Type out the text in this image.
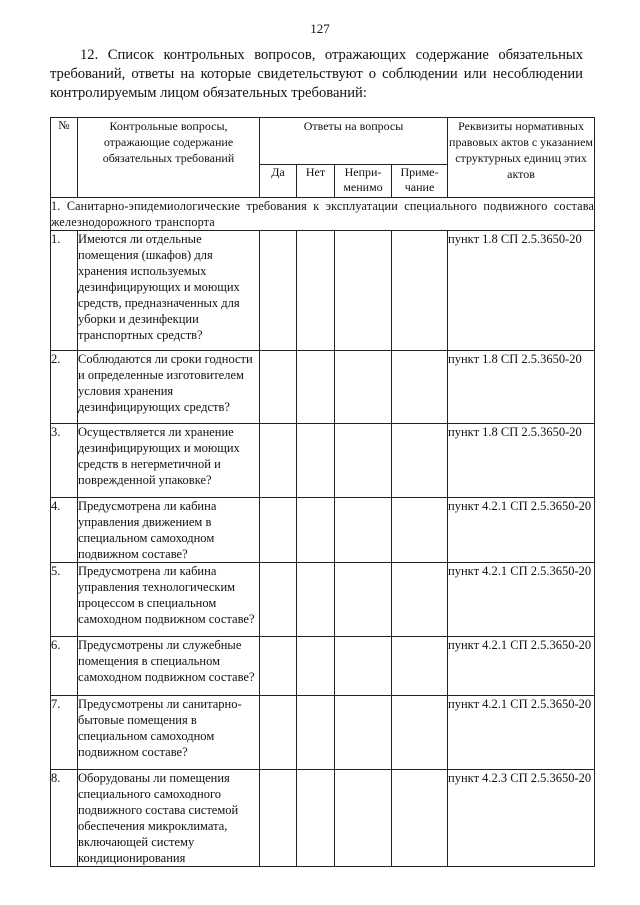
127
12. Список контрольных вопросов, отражающих содержание обязательных требований, ответы на которые свидетельствуют о соблюдении или несоблюдении контролируемым лицом обязательных требований:
№	Контрольные вопросы, отражающие содержание обязательных требований	Ответы на вопросы				Реквизиты нормативных правовых актов с указанием структурных единиц этих актов
		Да	Нет	Непри-менимо	Приме-чание	
1. Санитарно-эпидемиологические требования к эксплуатации специального подвижного состава железнодорожного транспорта						
1.	Имеются ли отдельные помещения (шкафов) для хранения используемых дезинфицирующих и моющих средств, предназначенных для уборки и дезинфекции транспортных средств?					пункт 1.8 СП 2.5.3650-20
2.	Соблюдаются ли сроки годности и определенные изготовителем условия хранения дезинфицирующих средств?					пункт 1.8 СП 2.5.3650-20
3.	Осуществляется ли хранение дезинфицирующих и моющих средств в негерметичной и поврежденной упаковке?					пункт 1.8 СП 2.5.3650-20
4.	Предусмотрена ли кабина управления движением в специальном самоходном подвижном составе?					пункт 4.2.1 СП 2.5.3650-20
5.	Предусмотрена ли кабина управления технологическим процессом в специальном самоходном подвижном составе?					пункт 4.2.1 СП 2.5.3650-20
6.	Предусмотрены ли служебные помещения в специальном самоходном подвижном составе?					пункт 4.2.1 СП 2.5.3650-20
7.	Предусмотрены ли санитарно-бытовые помещения в специальном самоходном подвижном составе?					пункт 4.2.1 СП 2.5.3650-20
8.	Оборудованы ли помещения специального самоходного подвижного состава системой обеспечения микроклимата, включающей систему кондиционирования					пункт 4.2.3 СП 2.5.3650-20
